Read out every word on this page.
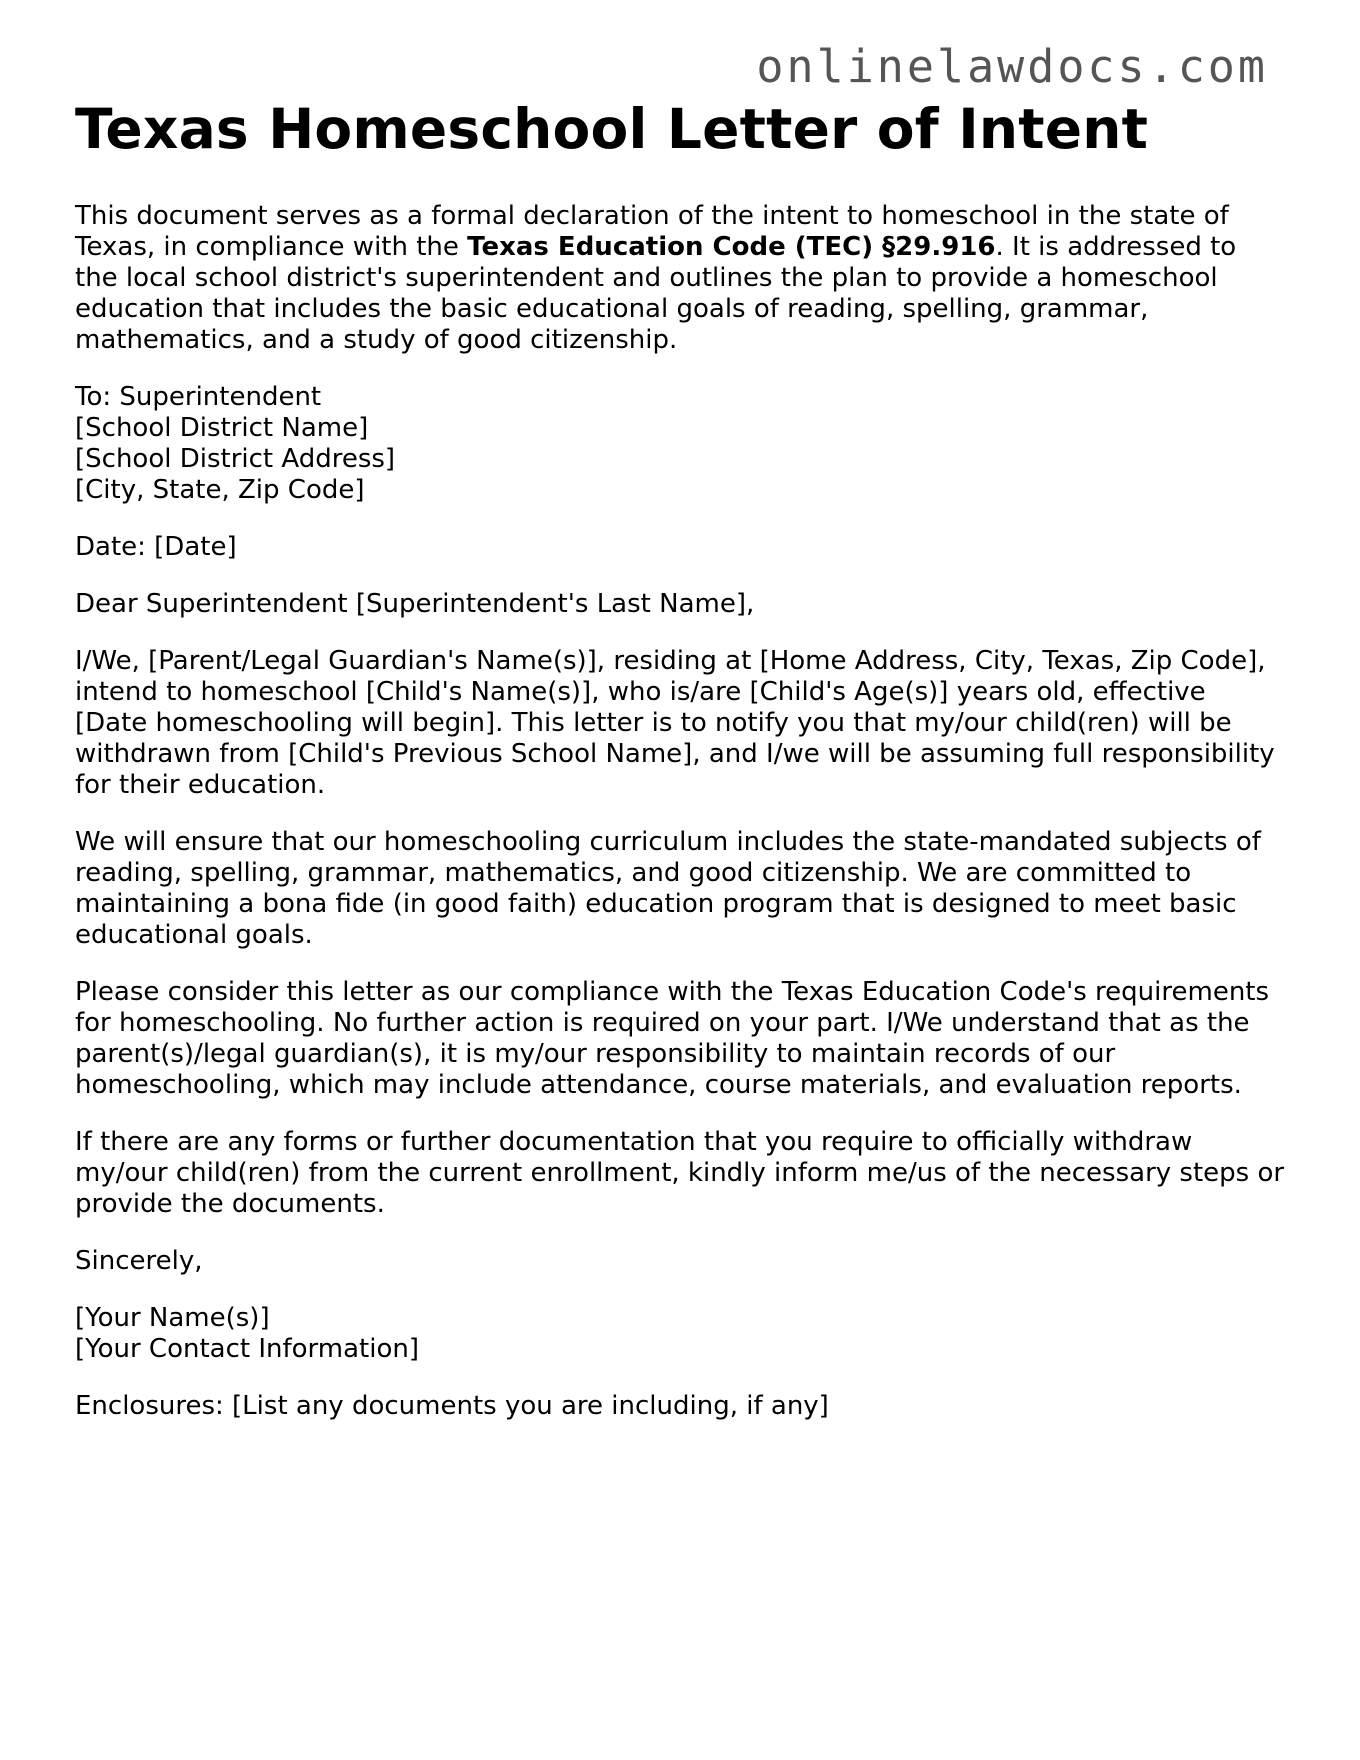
onlinelawdocs.com
Texas Homeschool Letter of Intent

This document serves as a formal declaration of the intent to homeschool in the state of Texas, in compliance with the Texas Education Code (TEC) §29.916. It is addressed to the local school district's superintendent and outlines the plan to provide a homeschool education that includes the basic educational goals of reading, spelling, grammar, mathematics, and a study of good citizenship.

To: Superintendent
[School District Name]
[School District Address]
[City, State, Zip Code]

Date: [Date]

Dear Superintendent [Superintendent's Last Name],

I/We, [Parent/Legal Guardian's Name(s)], residing at [Home Address, City, Texas, Zip Code], intend to homeschool [Child's Name(s)], who is/are [Child's Age(s)] years old, effective [Date homeschooling will begin]. This letter is to notify you that my/our child(ren) will be withdrawn from [Child's Previous School Name], and I/we will be assuming full responsibility for their education.

We will ensure that our homeschooling curriculum includes the state-mandated subjects of reading, spelling, grammar, mathematics, and good citizenship. We are committed to maintaining a bona fide (in good faith) education program that is designed to meet basic educational goals.

Please consider this letter as our compliance with the Texas Education Code's requirements for homeschooling. No further action is required on your part. I/We understand that as the parent(s)/legal guardian(s), it is my/our responsibility to maintain records of our homeschooling, which may include attendance, course materials, and evaluation reports.

If there are any forms or further documentation that you require to officially withdraw my/our child(ren) from the current enrollment, kindly inform me/us of the necessary steps or provide the documents.

Sincerely,

[Your Name(s)]
[Your Contact Information]

Enclosures: [List any documents you are including, if any]
